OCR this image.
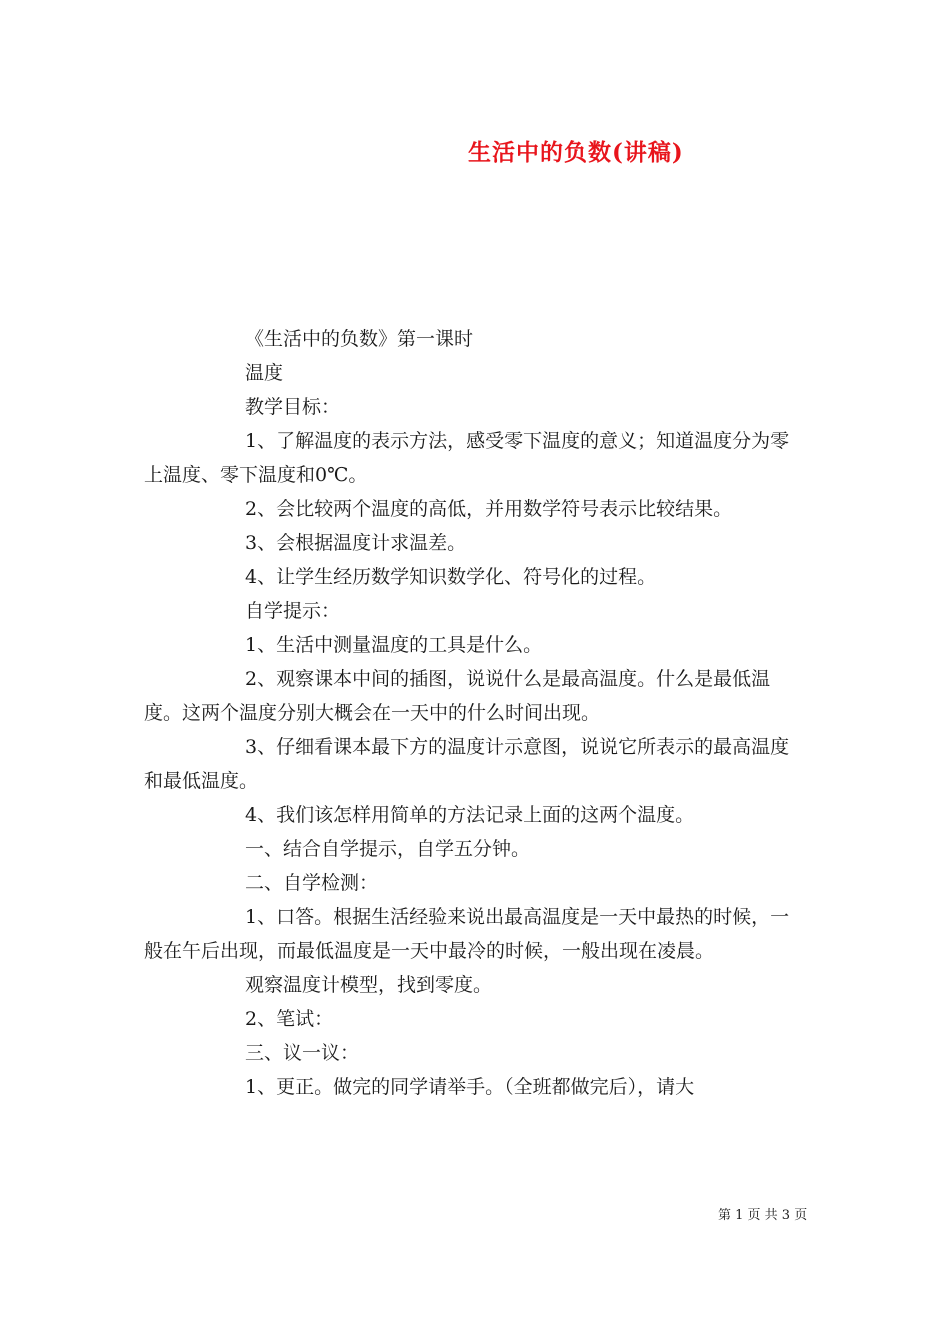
生活中的负数(讲稿)

《生活中的负数》第一课时

温度

教学目标：

1、了解温度的表示方法，感受零下温度的意义；知道温度分为零上温度、零下温度和0℃。

2、会比较两个温度的高低，并用数学符号表示比较结果。

3、会根据温度计求温差。

4、让学生经历数学知识数学化、符号化的过程。

自学提示：

1、生活中测量温度的工具是什么。

2、观察课本中间的插图，说说什么是最高温度。什么是最低温度。这两个温度分别大概会在一天中的什么时间出现。

3、仔细看课本最下方的温度计示意图，说说它所表示的最高温度和最低温度。

4、我们该怎样用简单的方法记录上面的这两个温度。

一、结合自学提示，自学五分钟。

二、自学检测：

1、口答。根据生活经验来说出最高温度是一天中最热的时候，一般在午后出现，而最低温度是一天中最冷的时候，一般出现在凌晨。

观察温度计模型，找到零度。

2、笔试：

三、议一议：

1、更正。做完的同学请举手。（全班都做完后），请大

第 1 页 共 3 页
